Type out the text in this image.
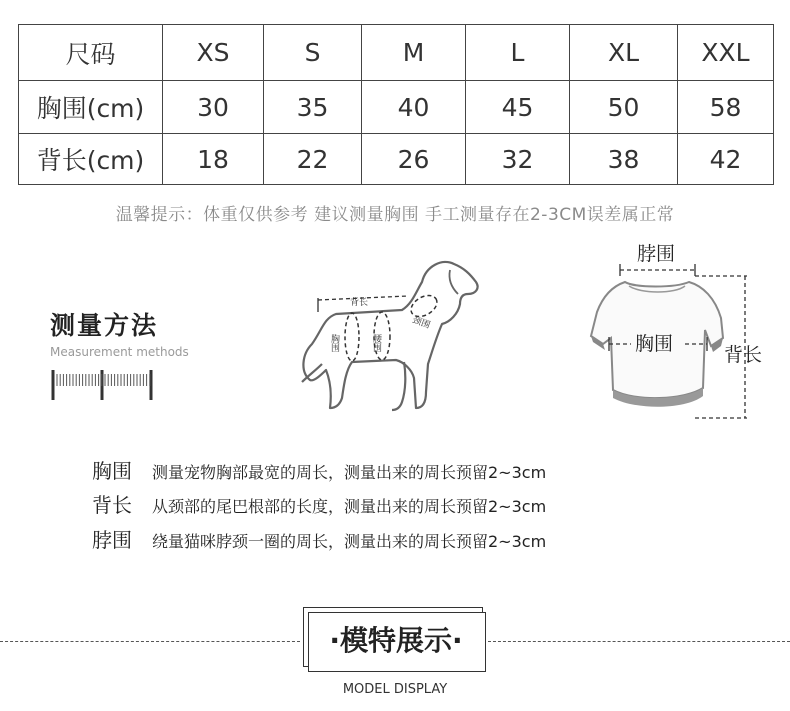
尺码	XS	S	M	L	XL	XXL
胸围(cm)	30	35	40	45	50	58
背长(cm)	18	22	26	32	38	42
温馨提示：体重仅供参考 建议测量胸围 手工测量存在2-3CM误差属正常
测量方法
Measurement methods
背长
胸围	腰围
颈围
脖围
胸围	背长
胸围 测量宠物胸部最宽的周长，测量出来的周长预留2~3cm
背长 从颈部的尾巴根部的长度，测量出来的周长预留2~3cm
脖围 绕量猫咪脖颈一圈的周长，测量出来的周长预留2~3cm
·模特展示·
MODEL DISPLAY
